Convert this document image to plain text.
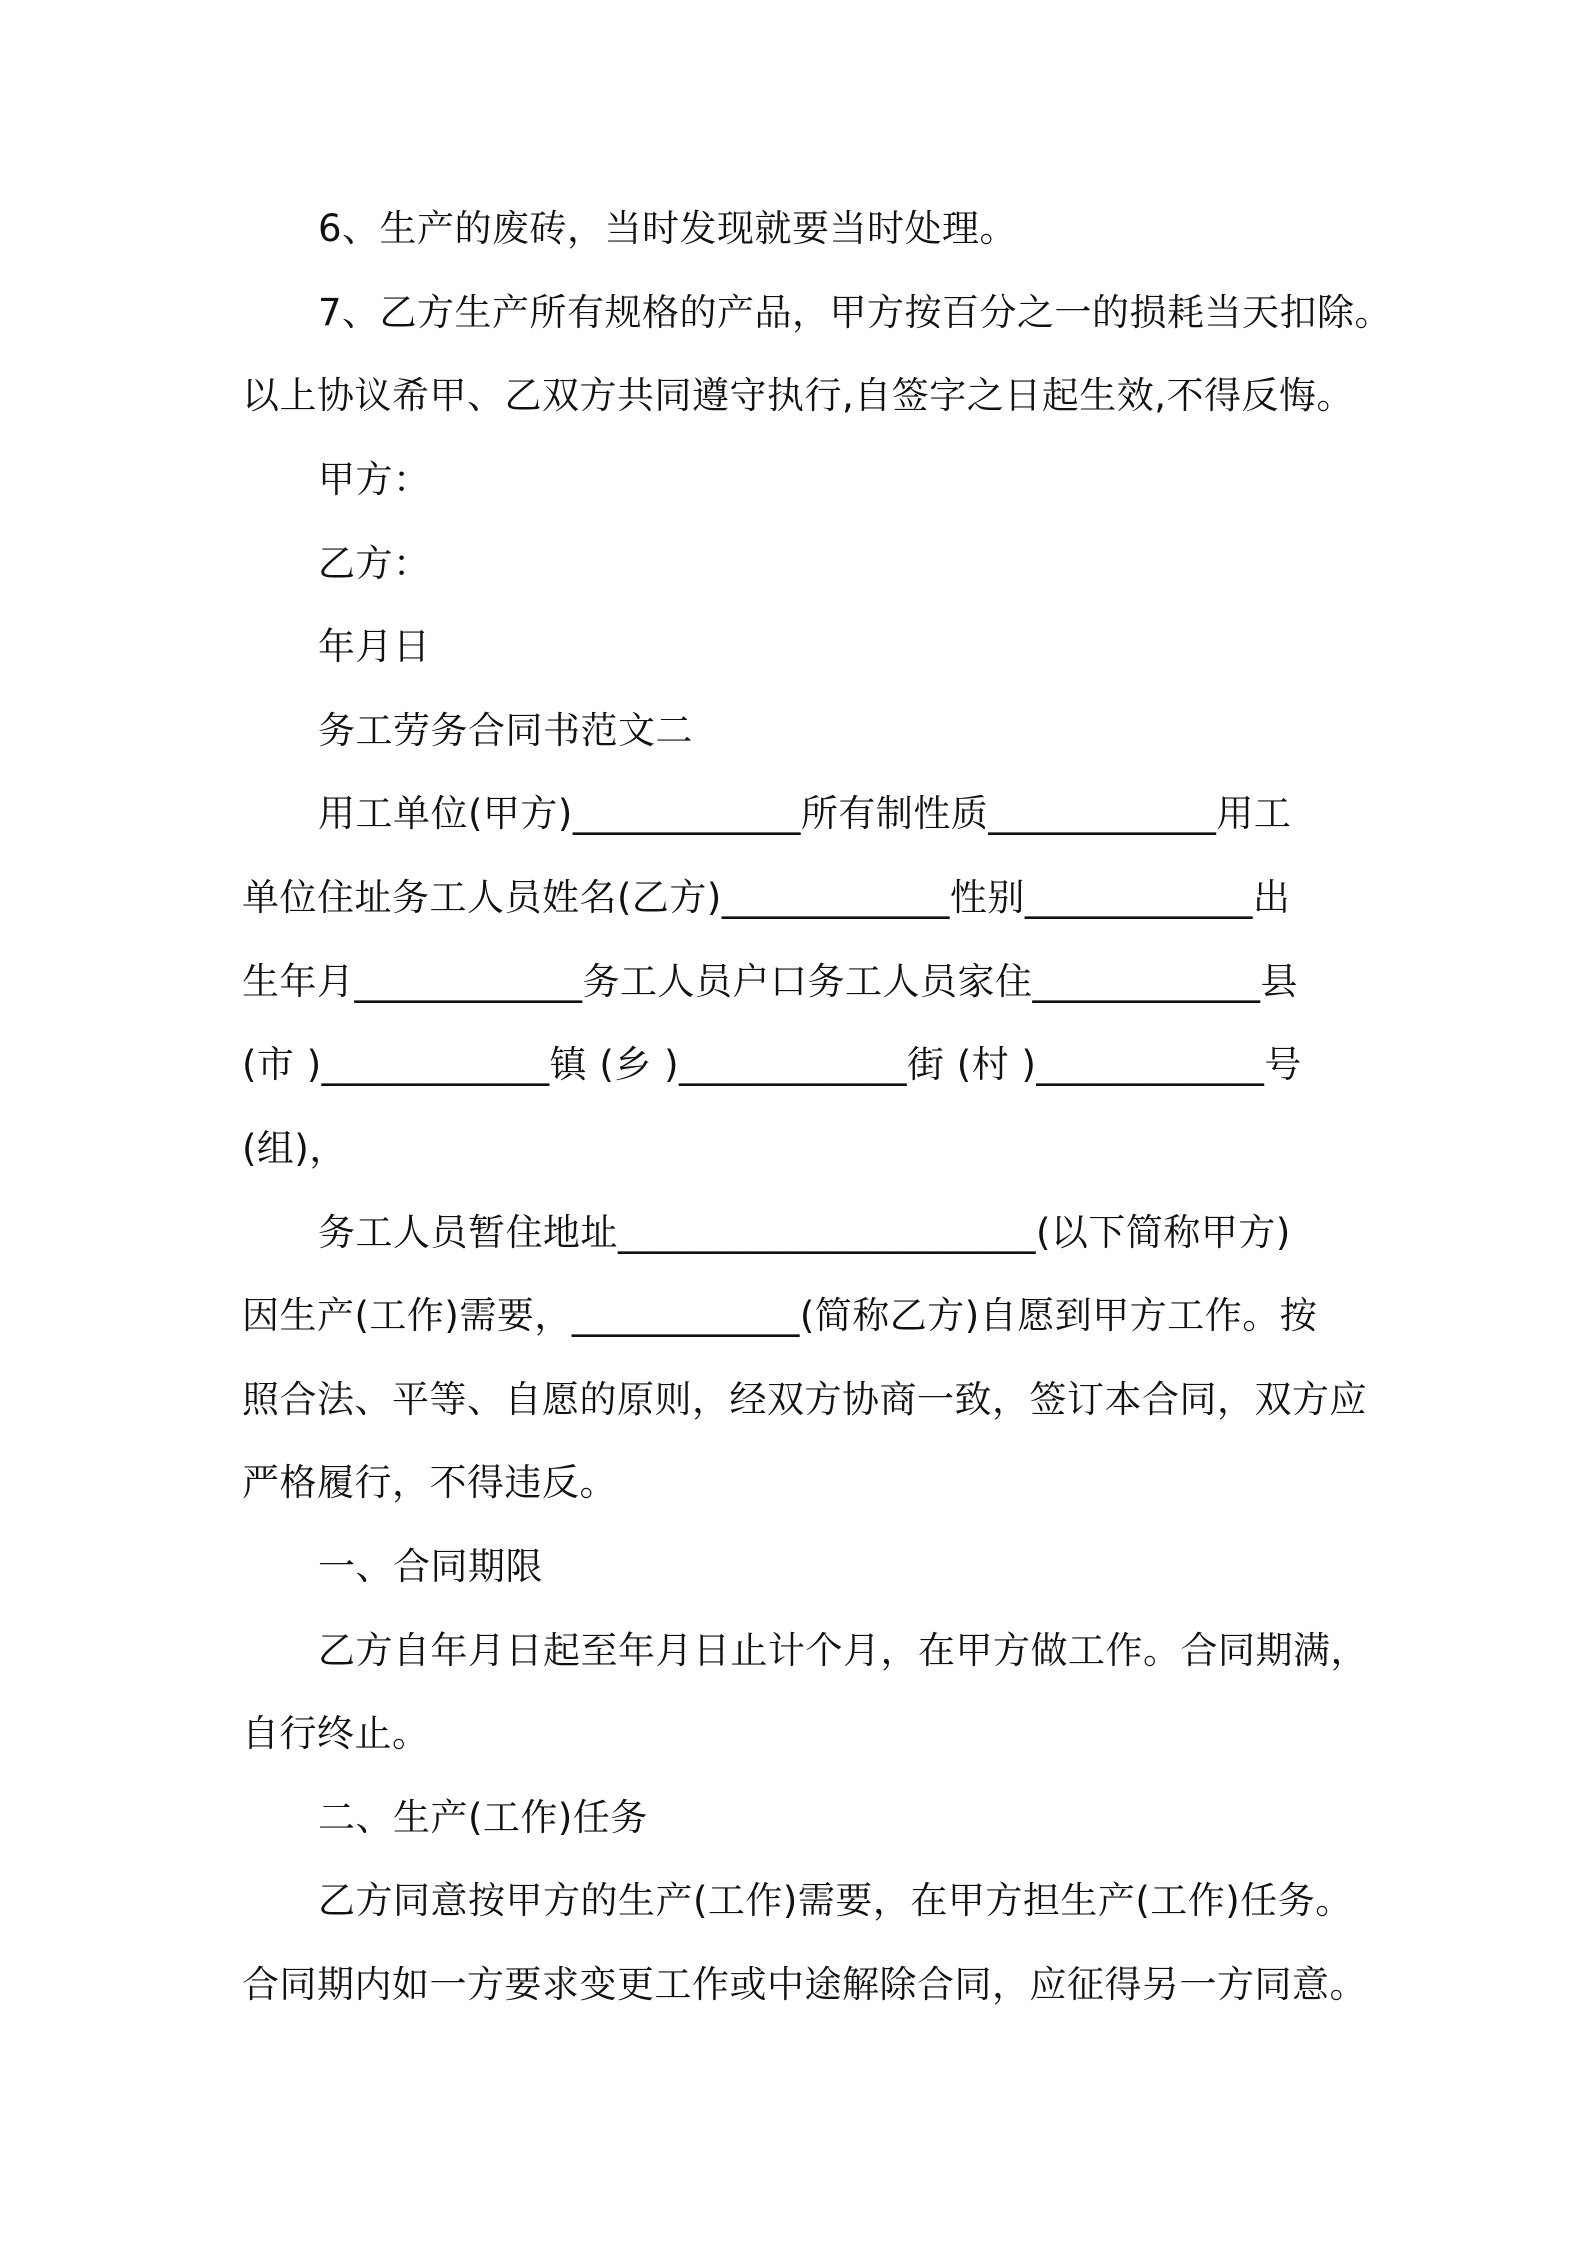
6、生产的废砖，当时发现就要当时处理。
7、乙方生产所有规格的产品，甲方按百分之一的损耗当天扣除。
以上协议希甲、乙双方共同遵守执行,自签字之日起生效,不得反悔。
甲方：
乙方：
年月日
务工劳务合同书范文二
用工单位(甲方)____________所有制性质____________用工
单位住址务工人员姓名(乙方)____________性别____________出
生年月____________务工人员户口务工人员家住____________县
(市 )____________镇 (乡 )____________街 (村 )____________号
(组)，
务工人员暂住地址______________________(以下简称甲方)
因生产(工作)需要，____________(简称乙方)自愿到甲方工作。按
照合法、平等、自愿的原则，经双方协商一致，签订本合同，双方应
严格履行，不得违反。
一、合同期限
乙方自年月日起至年月日止计个月，在甲方做工作。合同期满，
自行终止。
二、生产(工作)任务
乙方同意按甲方的生产(工作)需要，在甲方担生产(工作)任务。
合同期内如一方要求变更工作或中途解除合同，应征得另一方同意。
